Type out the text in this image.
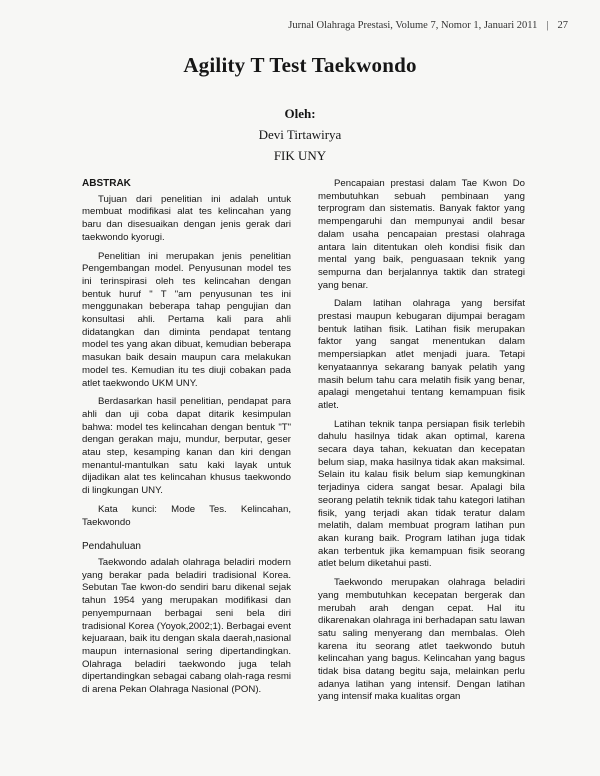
Jurnal Olahraga Prestasi, Volume 7, Nomor 1, Januari 2011 | 27
Agility T Test Taekwondo
Oleh:
Devi Tirtawirya
FIK UNY
ABSTRAK

Tujuan dari penelitian ini adalah untuk membuat modifikasi alat tes kelincahan yang baru dan disesuaikan dengan jenis gerak dari taekwondo kyorugi.

Penelitian ini merupakan jenis penelitian Pengembangan model. Penyusunan model tes ini terinspirasi oleh tes kelincahan dengan bentuk huruf " T "am penyusunan tes ini menggunakan beberapa tahap pengujian dan konsultasi ahli. Pertama kali para ahli didatangkan dan diminta pendapat tentang model tes yang akan dibuat, kemudian beberapa masukan baik desain maupun cara melakukan model tes. Kemudian itu tes diuji cobakan pada atlet taekwondo UKM UNY.

Berdasarkan hasil penelitian, pendapat para ahli dan uji coba dapat ditarik kesimpulan bahwa: model tes kelincahan dengan bentuk "T" dengan gerakan maju, mundur, berputar, geser atau step, kesamping kanan dan kiri dengan menantul-mantulkan satu kaki layak untuk dijadikan alat tes kelincahan khusus taekwondo di lingkungan UNY.

Kata kunci: Mode Tes. Kelincahan, Taekwondo

Pendahuluan

Taekwondo adalah olahraga beladiri modern yang berakar pada beladiri tradisional Korea. Sebutan Tae kwon-do sendiri baru dikenal sejak tahun 1954 yang merupakan modifikasi dan penyempurnaan berbagai seni bela diri tradisional Korea (Yoyok,2002;1). Berbagai event kejuaraan, baik itu dengan skala daerah,nasional maupun internasional sering dipertandingkan. Olahraga beladiri taekwondo juga telah dipertandingkan sebagai cabang olah-raga resmi di arena Pekan Olahraga Nasional (PON).

Pencapaian prestasi dalam Tae Kwon Do membutuhkan sebuah pembinaan yang terprogram dan sistematis. Banyak faktor yang mempengaruhi dan mempunyai andil besar dalam usaha pencapaian prestasi olahraga antara lain ditentukan oleh kondisi fisik dan mental yang baik, penguasaan teknik yang sempurna dan berjalannya taktik dan strategi yang benar.

Dalam latihan olahraga yang bersifat prestasi maupun kebugaran dijumpai beragam bentuk latihan fisik. Latihan fisik merupakan faktor yang sangat menentukan dalam mempersiapkan atlet menjadi juara. Tetapi kenyataannya sekarang banyak pelatih yang masih belum tahu cara melatih fisik yang benar, apalagi mengetahui tentang kemampuan fisik atlet.

Latihan teknik tanpa persiapan fisik terlebih dahulu hasilnya tidak akan optimal, karena secara daya tahan, kekuatan dan kecepatan belum siap, maka hasilnya tidak akan maksimal. Selain itu kalau fisik belum siap kemungkinan terjadinya cidera sangat besar. Apalagi bila seorang pelatih teknik tidak tahu kategori latihan fisik, yang terjadi akan tidak teratur dalam melatih, dalam membuat program latihan pun akan kurang baik. Program latihan juga tidak akan terbentuk jika kemampuan fisik seorang atlet belum diketahui pasti.

Taekwondo merupakan olahraga beladiri yang membutuhkan kecepatan bergerak dan merubah arah dengan cepat. Hal itu dikarenakan olahraga ini berhadapan satu lawan satu saling menyerang dan membalas. Oleh karena itu seorang atlet taekwondo butuh kelincahan yang bagus. Kelincahan yang bagus tidak bisa datang begitu saja, melainkan perlu adanya latihan yang intensif. Dengan latihan yang intensif maka kualitas organ
